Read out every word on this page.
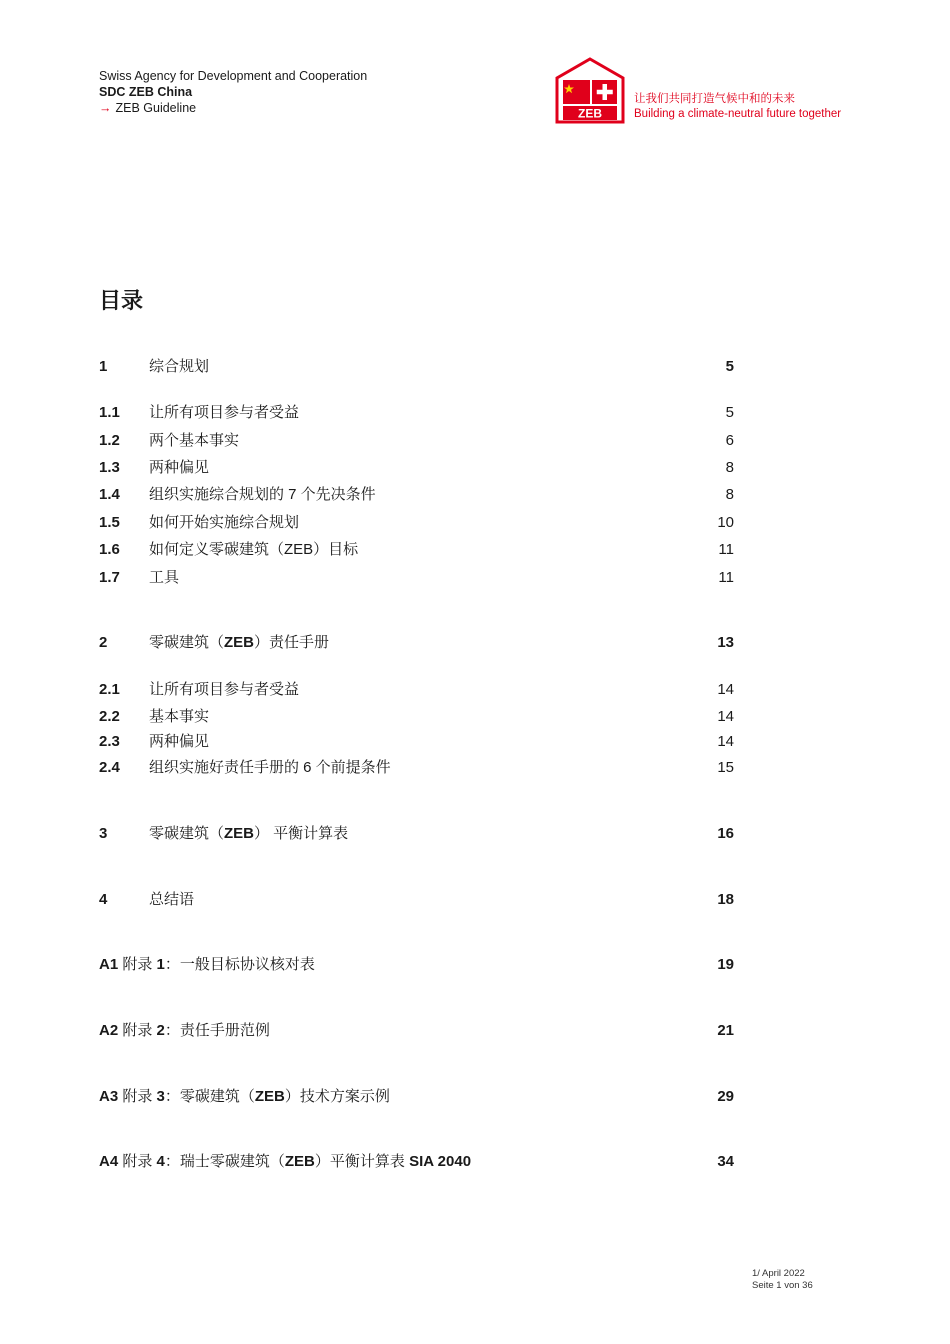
Swiss Agency for Development and Cooperation
SDC ZEB China
→ ZEB Guideline	ZEB
让我们共同打造气候中和的未来
Building a climate-neutral future together
目录
1	综合规划	5
1.1 让所有项目参与者受益	5
1.2 两个基本事实	6
1.3 两种偏见	8
1.4 组织实施综合规划的 7 个先决条件	8
1.5 如何开始实施综合规划	10
1.6 如何定义零碳建筑（ZEB）目标	11
1.7 工具	11
2	零碳建筑（ZEB）责任手册	13
2.1 让所有项目参与者受益	14
2.2 基本事实	14
2.3 两种偏见	14
2.4 组织实施好责任手册的 6 个前提条件	15
3	零碳建筑（ZEB） 平衡计算表	16
4	总结语	18
A1 附录 1：一般目标协议核对表	19
A2 附录 2：责任手册范例	21
A3 附录 3：零碳建筑（ZEB）技术方案示例	29
A4 附录 4：瑞士零碳建筑（ZEB）平衡计算表 SIA 2040	34
1/ April 2022
Seite 1 von 36
